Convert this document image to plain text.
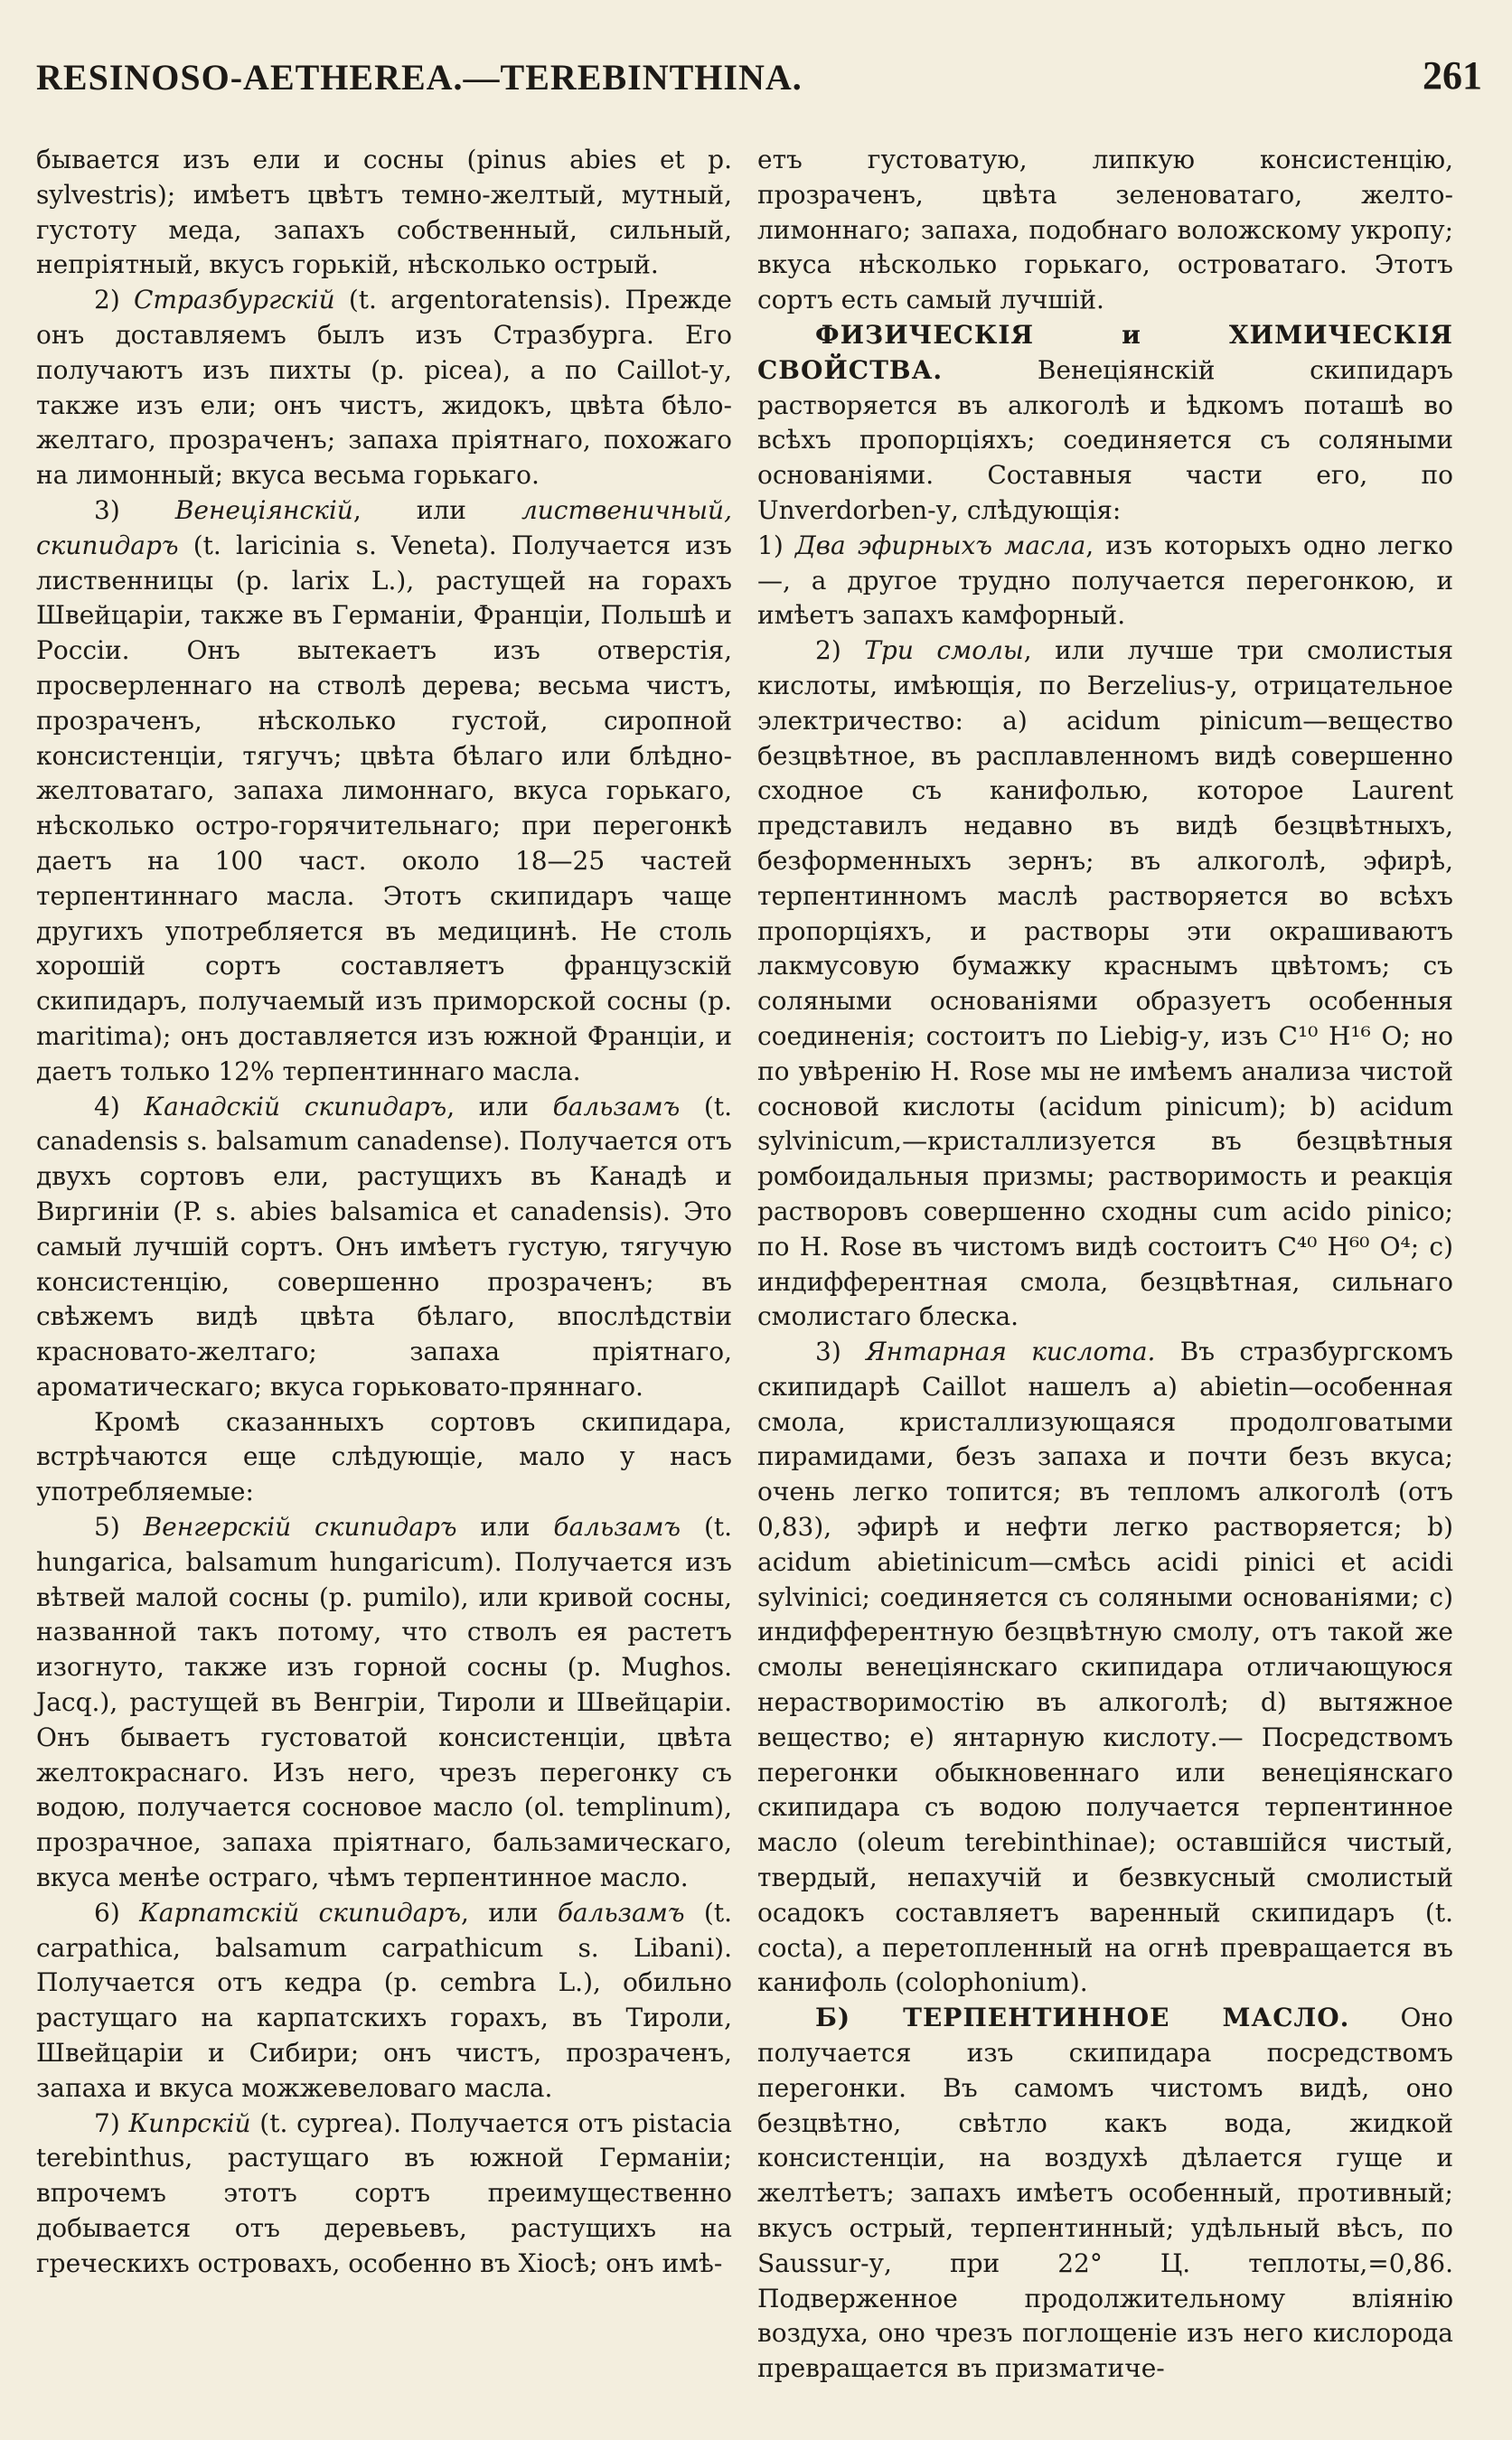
RESINOSO-AETHEREA.—TEREBINTHINA.	261

бывается изъ ели и сосны (pinus abies et p. sylvestris); имѣетъ цвѣтъ темно-желтый, мутный, густоту меда, запахъ собственный, сильный, непріятный, вкусъ горькій, нѣсколько острый.

2) Стразбургскій (t. argentoratensis). Прежде онъ доставляемъ былъ изъ Стразбурга. Его получаютъ изъ пихты (p. picea), а по Caillot-у, также изъ ели; онъ чистъ, жидокъ, цвѣта бѣло-желтаго, прозраченъ; запаха пріятнаго, похожаго на лимонный; вкуса весьма горькаго.

3) Венеціянскій, или лиственичный, скипидаръ (t. laricinia s. Veneta). Получается изъ лиственницы (p. larix L.), растущей на горахъ Швейцаріи, также въ Германіи, Франціи, Польшѣ и Россіи. Онъ вытекаетъ изъ отверстія, просверленнаго на стволѣ дерева; весьма чистъ, прозраченъ, нѣсколько густой, сиропной консистенціи, тягучъ; цвѣта бѣлаго или блѣдно-желтоватаго, запаха лимоннаго, вкуса горькаго, нѣсколько остро-горячительнаго; при перегонкѣ даетъ на 100 част. около 18—25 частей терпентиннаго масла. Этотъ скипидаръ чаще другихъ употребляется въ медицинѣ. Не столь хорошій сортъ составляетъ французскій скипидаръ, получаемый изъ приморской сосны (p. maritima); онъ доставляется изъ южной Франціи, и даетъ только 12% терпентиннаго масла.

4) Канадскій скипидаръ, или бальзамъ (t. canadensis s. balsamum canadense). Получается отъ двухъ сортовъ ели, растущихъ въ Канадѣ и Виргиніи (P. s. abies balsamica et canadensis). Это самый лучшій сортъ. Онъ имѣетъ густую, тягучую консистенцію, совершенно прозраченъ; въ свѣжемъ видѣ цвѣта бѣлаго, впослѣдствіи красновато-желтаго; запаха пріятнаго, ароматическаго; вкуса горьковато-пряннаго.

Кромѣ сказанныхъ сортовъ скипидара, встрѣчаются еще слѣдующіе, мало у насъ употребляемые:

5) Венгерскій скипидаръ или бальзамъ (t. hungarica, balsamum hungaricum). Получается изъ вѣтвей малой сосны (p. pumilo), или кривой сосны, названной такъ потому, что стволъ ея растетъ изогнуто, также изъ горной сосны (p. Mughos. Jacq.), растущей въ Венгріи, Тироли и Швейцаріи. Онъ бываетъ густоватой консистенціи, цвѣта желтокраснаго. Изъ него, чрезъ перегонку съ водою, получается сосновое масло (ol. templinum), прозрачное, запаха пріятнаго, бальзамическаго, вкуса менѣе остраго, чѣмъ терпентинное масло.

6) Карпатскій скипидаръ, или бальзамъ (t. carpathica, balsamum carpathicum s. Libani). Получается отъ кедра (p. cembra L.), обильно растущаго на карпатскихъ горахъ, въ Тироли, Швейцаріи и Сибири; онъ чистъ, прозраченъ, запаха и вкуса можжевеловаго масла.

7) Кипрскій (t. cyprea). Получается отъ pistacia terebinthus, растущаго въ южной Германіи; впрочемъ этотъ сортъ преимущественно добывается отъ деревьевъ, растущихъ на греческихъ островахъ, особенно въ Хіосѣ; онъ имѣ-

етъ густоватую, липкую консистенцію, прозраченъ, цвѣта зеленоватаго, желто-лимоннаго; запаха, подобнаго воложскому укропу; вкуса нѣсколько горькаго, островатаго. Этотъ сортъ есть самый лучшій.

ФИЗИЧЕСКІЯ и ХИМИЧЕСКІЯ СВОЙСТВА.	Венеціянскій скипидаръ растворяется въ алкоголѣ и ѣдкомъ поташѣ во всѣхъ пропорціяхъ; соединяется съ соляными основаніями. Составныя части его, по Unverdorben-у, слѣдующія:

1) Два эфирныхъ масла, изъ которыхъ одно легко—, а другое трудно получается перегонкою, и имѣетъ запахъ камфорный.

2) Три смолы, или лучше три смолистыя кислоты, имѣющія, по Berzelius-у, отрицательное электричество: a) acidum pinicum—вещество безцвѣтное, въ расплавленномъ видѣ совершенно сходное съ канифолью, которое Laurent представилъ недавно въ видѣ безцвѣтныхъ, безформенныхъ зернъ; въ алкоголѣ, эфирѣ, терпентинномъ маслѣ растворяется во всѣхъ пропорціяхъ, и растворы эти окрашиваютъ лакмусовую бумажку краснымъ цвѣтомъ; съ соляными основаніями образуетъ особенныя соединенія; состоитъ по Liebig-у, изъ C¹⁰ H¹⁶ O; но по увѣренію H. Rose мы не имѣемъ анализа чистой сосновой кислоты (acidum pinicum); b) acidum sylvinicum,—кристаллизуется въ безцвѣтныя ромбоидальныя призмы; растворимость и реакція растворовъ совершенно сходны cum acido pinico; по H. Rose въ чистомъ видѣ состоитъ C⁴⁰ H⁶⁰ O⁴; c) индифферентная смола, безцвѣтная, сильнаго смолистаго блеска.

3) Янтарная кислота. Въ стразбургскомъ скипидарѣ Caillot нашелъ a) abietin—особенная смола, кристаллизующаяся продолговатыми пирамидами, безъ запаха и почти безъ вкуса; очень легко топится; въ тепломъ алкоголѣ (отъ 0,83), эфирѣ и нефти легко растворяется; b) acidum abietinicum—смѣсь acidi pinici et acidi sylvinici; соединяется съ соляными основаніями; c) индифферентную безцвѣтную смолу, отъ такой же смолы венеціянскаго скипидара отличающуюся нерастворимостію въ алкоголѣ; d) вытяжное вещество; e) янтарную кислоту.— Посредствомъ перегонки обыкновеннаго или венеціянскаго скипидара съ водою получается терпентинное масло (oleum terebinthinae); оставшійся чистый, твердый, непахучій и безвкусный смолистый осадокъ составляетъ варенный скипидаръ (t. cocta), а перетопленный на огнѣ превращается въ канифоль (colophonium).

Б) ТЕРПЕНТИННОЕ МАСЛО. Оно получается изъ скипидара посредствомъ перегонки. Въ самомъ чистомъ видѣ, оно безцвѣтно, свѣтло какъ вода, жидкой консистенціи, на воздухѣ дѣлается гуще и желтѣетъ; запахъ имѣетъ особенный, противный; вкусъ острый, терпентинный; удѣльный вѣсъ, по Saussur-у, при 22° Ц. теплоты,=0,86. Подверженное продолжительному вліянію воздуха, оно чрезъ поглощеніе изъ него кислорода превращается въ призматиче-
